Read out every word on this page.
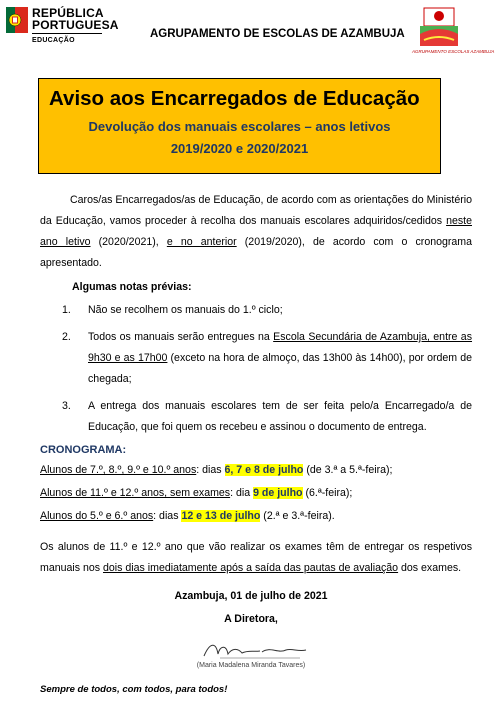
REPÚBLICA
PORTUGUESA
EDUCAÇÃO
AGRUPAMENTO DE ESCOLAS DE AZAMBUJA
AGRUPAMENTO ESCOLAS AZAMBUJA
Aviso aos Encarregados de Educação
Devolução dos manuais escolares – anos letivos
2019/2020 e 2020/2021
Caros/as Encarregados/as de Educação, de acordo com as orientações do Ministério da Educação, vamos proceder à recolha dos manuais escolares adquiridos/cedidos neste ano letivo (2020/2021), e no anterior (2019/2020), de acordo com o cronograma apresentado.
Algumas notas prévias:
1. Não se recolhem os manuais do 1.º ciclo;
2. Todos os manuais serão entregues na Escola Secundária de Azambuja, entre as 9h30 e as 17h00 (exceto na hora de almoço, das 13h00 às 14h00), por ordem de chegada;
3. A entrega dos manuais escolares tem de ser feita pelo/a Encarregado/a de Educação, que foi quem os recebeu e assinou o documento de entrega.
CRONOGRAMA:
Alunos de 7.º, 8.º, 9.º e 10.º anos: dias 6, 7 e 8 de julho (de 3.ª a 5.ª-feira);
Alunos de 11.º e 12.º anos, sem exames: dia 9 de julho (6.ª-feira);
Alunos do 5.º e 6.º anos: dias 12 e 13 de julho (2.ª e 3.ª-feira).
Os alunos de 11.º e 12.º ano que vão realizar os exames têm de entregar os respetivos manuais nos dois dias imediatamente após a saída das pautas de avaliação dos exames.
Azambuja, 01 de julho de 2021
A Diretora,
(Maria Madalena Miranda Tavares)
Sempre de todos, com todos, para todos!
